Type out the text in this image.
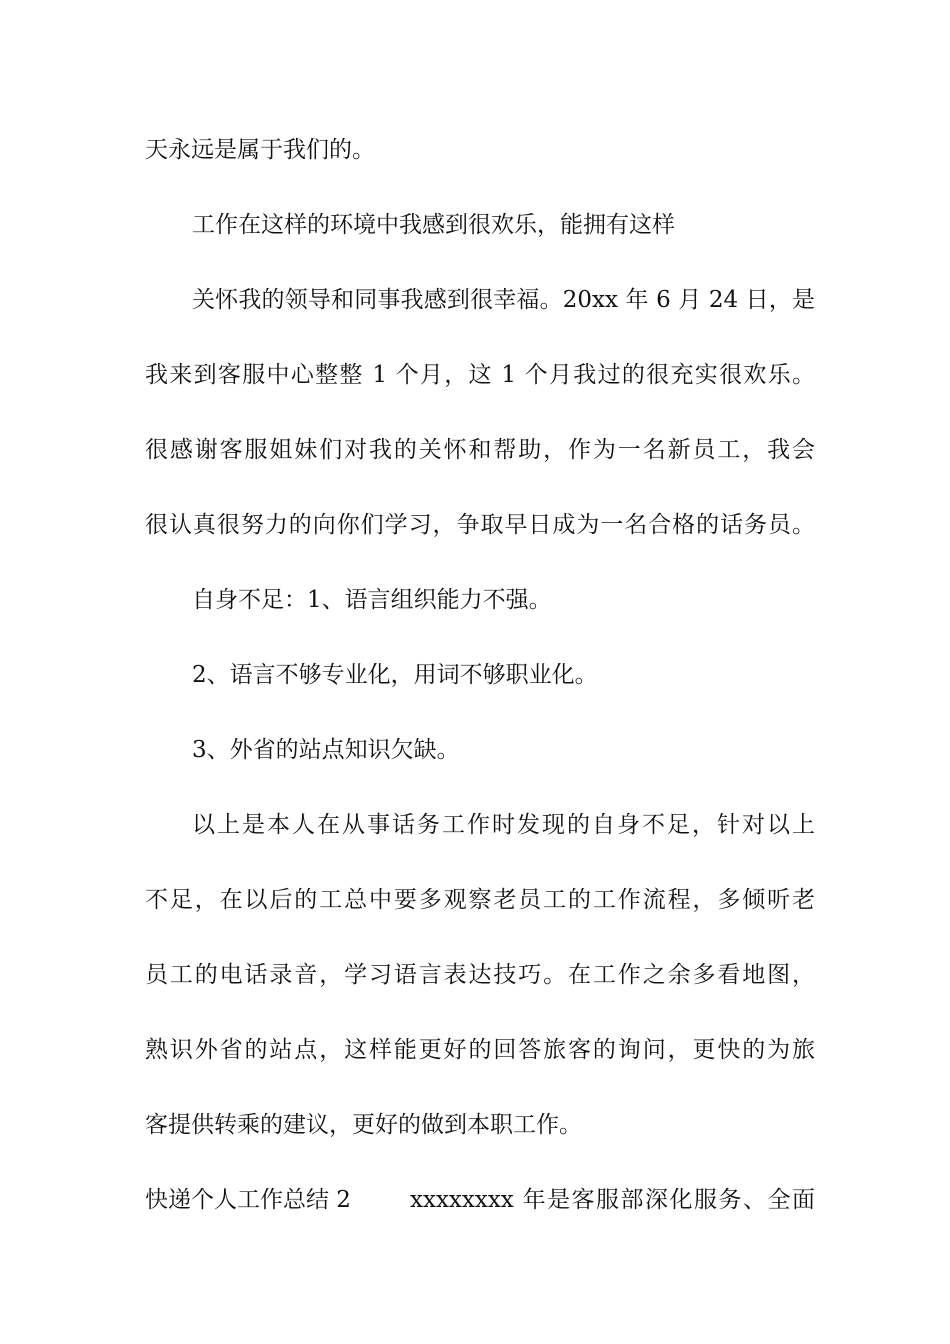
天永远是属于我们的。
工作在这样的环境中我感到很欢乐，能拥有这样
关怀我的领导和同事我感到很幸福。20xx 年 6 月 24 日，是
我来到客服中心整整 1 个月，这 1 个月我过的很充实很欢乐。
很感谢客服姐妹们对我的关怀和帮助，作为一名新员工，我会
很认真很努力的向你们学习，争取早日成为一名合格的话务员。
自身不足：1、语言组织能力不强。
2、语言不够专业化，用词不够职业化。
3、外省的站点知识欠缺。
以上是本人在从事话务工作时发现的自身不足，针对以上
不足，在以后的工总中要多观察老员工的工作流程，多倾听老
员工的电话录音，学习语言表达技巧。在工作之余多看地图，
熟识外省的站点，这样能更好的回答旅客的询问，更快的为旅
客提供转乘的建议，更好的做到本职工作。
快递个人工作总结 2	xxxxxxxx 年是客服部深化服务、全面
